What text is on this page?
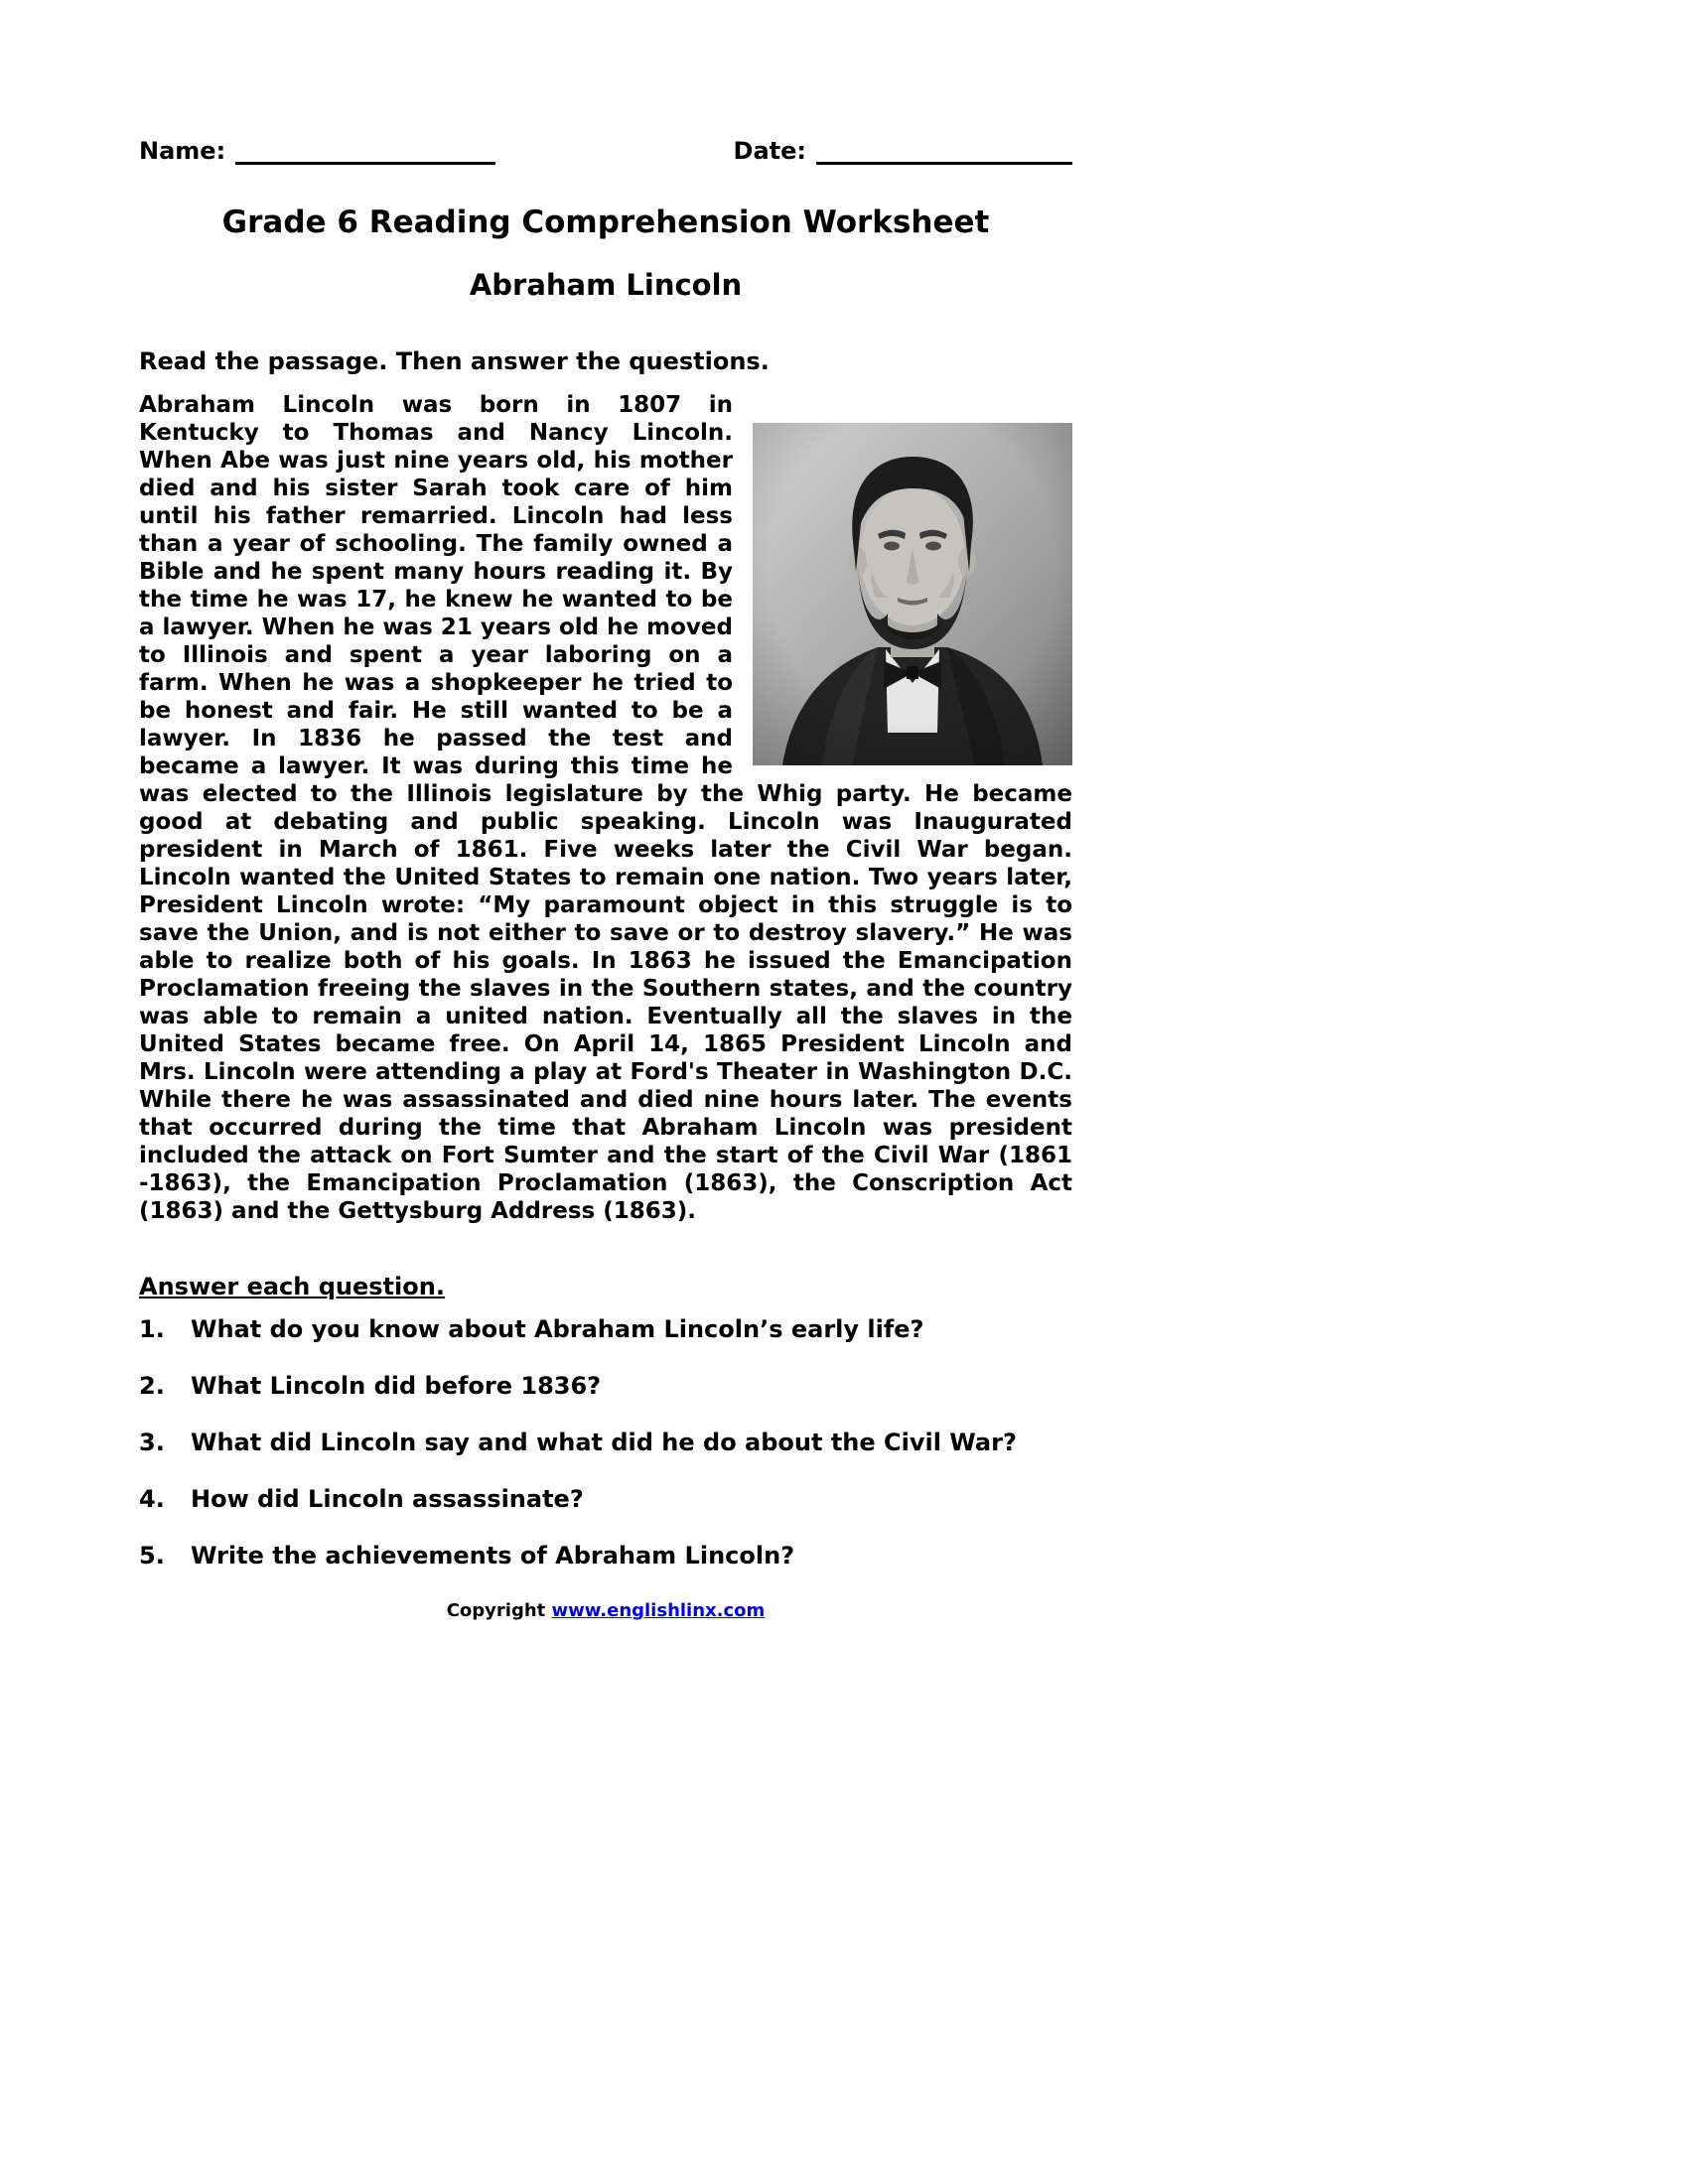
Name:	Date:
Grade 6 Reading Comprehension Worksheet
Abraham Lincoln
Read the passage. Then answer the questions.
Abraham Lincoln was born in 1807 in Kentucky to Thomas and Nancy Lincoln. When Abe was just nine years old, his mother died and his sister Sarah took care of him until his father remarried. Lincoln had less than a year of schooling. The family owned a Bible and he spent many hours reading it. By the time he was 17, he knew he wanted to be a lawyer. When he was 21 years old he moved to Illinois and spent a year laboring on a farm. When he was a shopkeeper he tried to be honest and fair. He still wanted to be a lawyer. In 1836 he passed the test and became a lawyer. It was during this time he was elected to the Illinois legislature by the Whig party. He became good at debating and public speaking. Lincoln was Inaugurated president in March of 1861. Five weeks later the Civil War began. Lincoln wanted the United States to remain one nation. Two years later, President Lincoln wrote: “My paramount object in this struggle is to save the Union, and is not either to save or to destroy slavery.” He was able to realize both of his goals. In 1863 he issued the Emancipation Proclamation freeing the slaves in the Southern states, and the country was able to remain a united nation. Eventually all the slaves in the United States became free. On April 14, 1865 President Lincoln and Mrs. Lincoln were attending a play at Ford's Theater in Washington D.C. While there he was assassinated and died nine hours later. The events that occurred during the time that Abraham Lincoln was president included the attack on Fort Sumter and the start of the Civil War (1861 -1863), the Emancipation Proclamation (1863), the Conscription Act (1863) and the Gettysburg Address (1863).
Answer each question.
1.	What do you know about Abraham Lincoln’s early life?
2.	What Lincoln did before 1836?
3.	What did Lincoln say and what did he do about the Civil War?
4.	How did Lincoln assassinate?
5.	Write the achievements of Abraham Lincoln?
Copyright www.englishlinx.com
